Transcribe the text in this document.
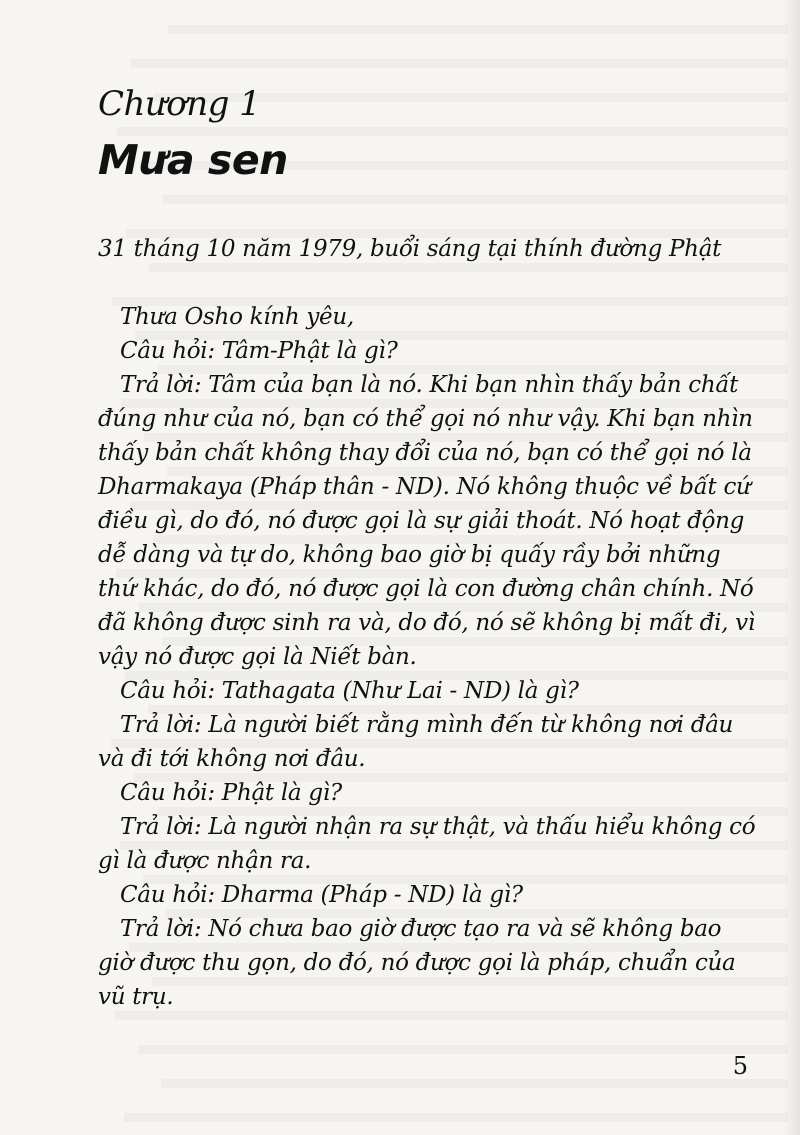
Chương 1
Mưa sen

31 tháng 10 năm 1979, buổi sáng tại thính đường Phật

Thưa Osho kính yêu,

Câu hỏi: Tâm-Phật là gì?

Trả lời: Tâm của bạn là nó. Khi bạn nhìn thấy bản chất đúng như của nó, bạn có thể gọi nó như vậy. Khi bạn nhìn thấy bản chất không thay đổi của nó, bạn có thể gọi nó là Dharmakaya (Pháp thân - ND). Nó không thuộc về bất cứ điều gì, do đó, nó được gọi là sự giải thoát. Nó hoạt động dễ dàng và tự do, không bao giờ bị quấy rầy bởi những thứ khác, do đó, nó được gọi là con đường chân chính. Nó đã không được sinh ra và, do đó, nó sẽ không bị mất đi, vì vậy nó được gọi là Niết bàn.

Câu hỏi: Tathagata (Như Lai - ND) là gì?

Trả lời: Là người biết rằng mình đến từ không nơi đâu và đi tới không nơi đâu.

Câu hỏi: Phật là gì?

Trả lời: Là người nhận ra sự thật, và thấu hiểu không có gì là được nhận ra.

Câu hỏi: Dharma (Pháp - ND) là gì?

Trả lời: Nó chưa bao giờ được tạo ra và sẽ không bao giờ được thu gọn, do đó, nó được gọi là pháp, chuẩn của vũ trụ.

5
